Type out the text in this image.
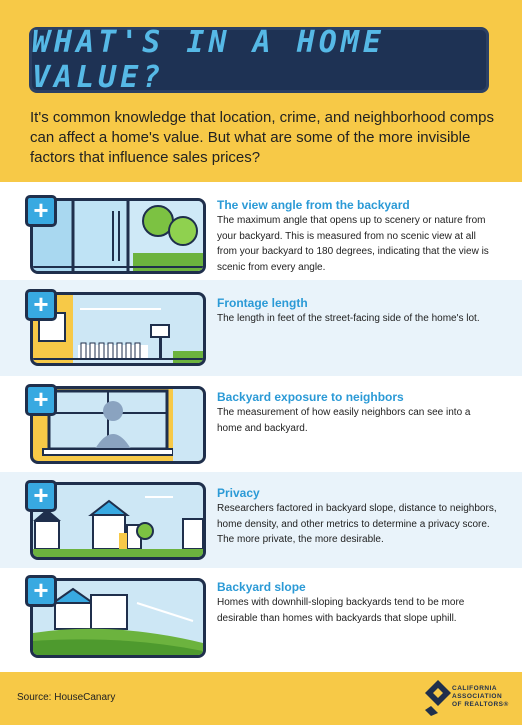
WHAT'S IN A HOME VALUE?
It's common knowledge that location, crime, and neighborhood comps can affect a home's value. But what are some of the more invisible factors that influence sales prices?
+	The view angle from the backyard
The maximum angle that opens up to scenery or nature from your backyard. This is measured from no scenic view at all from your backyard to 180 degrees, indicating that the view is scenic from every angle.
+	Frontage length
The length in feet of the street-facing side of the home's lot.
+	Backyard exposure to neighbors
The measurement of how easily neighbors can see into a home and backyard.
+	Privacy
Researchers factored in backyard slope, distance to neighbors, home density, and other metrics to determine a privacy score. The more private, the more desirable.
+	Backyard slope
Homes with downhill-sloping backyards tend to be more desirable than homes with backyards that slope uphill.
Source: HouseCanary
CALIFORNIA
ASSOCIATION
OF REALTORS®
